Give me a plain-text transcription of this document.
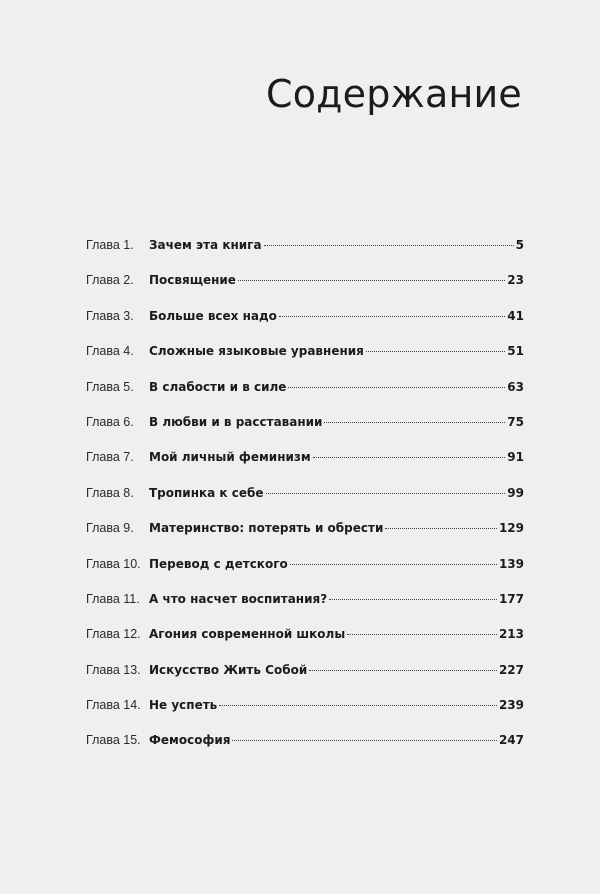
Содержание
Глава 1.	Зачем эта книга	5
Глава 2.	Посвящение	23
Глава 3.	Больше всех надо	41
Глава 4.	Сложные языковые уравнения	51
Глава 5.	В слабости и в силе	63
Глава 6.	В любви и в расставании	75
Глава 7.	Мой личный феминизм	91
Глава 8.	Тропинка к себе	99
Глава 9.	Материнство: потерять и обрести	129
Глава 10. Перевод с детского	139
Глава 11. А что насчет воспитания?	177
Глава 12. Агония современной школы	213
Глава 13. Искусство Жить Собой	227
Глава 14. Не успеть	239
Глава 15. Фемософия	247
